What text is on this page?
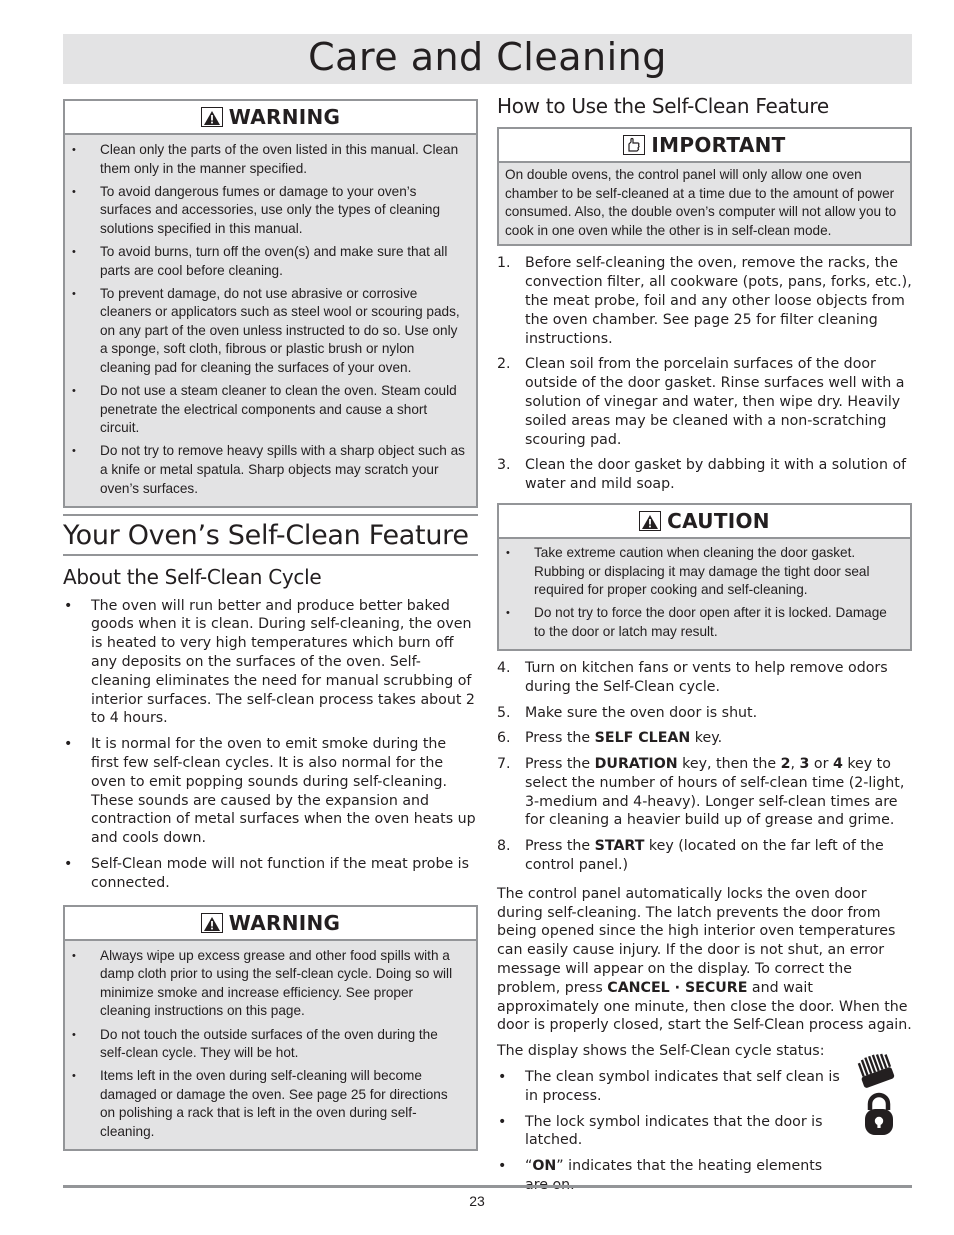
Care and Cleaning
WARNING
• Clean only the parts of the oven listed in this manual. Clean them only in the manner specified.
• To avoid dangerous fumes or damage to your oven’s surfaces and accessories, use only the types of cleaning solutions specified in this manual.
• To avoid burns, turn off the oven(s) and make sure that all parts are cool before cleaning.
• To prevent damage, do not use abrasive or corrosive cleaners or applicators such as steel wool or scouring pads, on any part of the oven unless instructed to do so. Use only a sponge, soft cloth, fibrous or plastic brush or nylon cleaning pad for cleaning the surfaces of your oven.
• Do not use a steam cleaner to clean the oven. Steam could penetrate the electrical components and cause a short circuit.
• Do not try to remove heavy spills with a sharp object such as a knife or metal spatula. Sharp objects may scratch your oven’s surfaces.
Your Oven’s Self-Clean Feature
About the Self-Clean Cycle
• The oven will run better and produce better baked goods when it is clean. During self-cleaning, the oven is heated to very high temperatures which burn off any deposits on the surfaces of the oven. Self-cleaning eliminates the need for manual scrubbing of interior surfaces. The self-clean process takes about 2 to 4 hours.
• It is normal for the oven to emit smoke during the first few self-clean cycles. It is also normal for the oven to emit popping sounds during self-cleaning. These sounds are caused by the expansion and contraction of metal surfaces when the oven heats up and cools down.
• Self-Clean mode will not function if the meat probe is connected.
WARNING
• Always wipe up excess grease and other food spills with a damp cloth prior to using the self-clean cycle. Doing so will minimize smoke and increase efficiency. See proper cleaning instructions on this page.
• Do not touch the outside surfaces of the oven during the self-clean cycle. They will be hot.
• Items left in the oven during self-cleaning will become damaged or damage the oven. See page 25 for directions on polishing a rack that is left in the oven during self-cleaning.
How to Use the Self-Clean Feature
IMPORTANT

On double ovens, the control panel will only allow one oven chamber to be self-cleaned at a time due to the amount of power consumed. Also, the double oven’s computer will not allow you to cook in one oven while the other is in self-clean mode.

1. Before self-cleaning the oven, remove the racks, the convection filter, all cookware (pots, pans, forks, etc.), the meat probe, foil and any other loose objects from the oven chamber. See page 25 for filter cleaning instructions.
2. Clean soil from the porcelain surfaces of the door outside of the door gasket. Rinse surfaces well with a solution of vinegar and water, then wipe dry. Heavily soiled areas may be cleaned with a non-scratching scouring pad.
3. Clean the door gasket by dabbing it with a solution of water and mild soap.
CAUTION
• Take extreme caution when cleaning the door gasket. Rubbing or displacing it may damage the tight door seal required for proper cooking and self-cleaning.
• Do not try to force the door open after it is locked. Damage to the door or latch may result.
4. Turn on kitchen fans or vents to help remove odors during the Self-Clean cycle.
5. Make sure the oven door is shut.
6. Press the SELF CLEAN key.
7. Press the DURATION key, then the 2, 3 or 4 key to select the number of hours of self-clean time (2-light, 3-medium and 4-heavy). Longer self-clean times are for cleaning a heavier build up of grease and grime.
8. Press the START key (located on the far left of the control panel.)

The control panel automatically locks the oven door during self-cleaning. The latch prevents the door from being opened since the high interior oven temperatures can easily cause injury. If the door is not shut, an error message will appear on the display. To correct the problem, press CANCEL · SECURE and wait approximately one minute, then close the door. When the door is properly closed, start the Self-Clean process again.

The display shows the Self-Clean cycle status:

• The clean symbol indicates that self clean is in process.
• The lock symbol indicates that the door is latched.
• “ON” indicates that the heating elements
23
